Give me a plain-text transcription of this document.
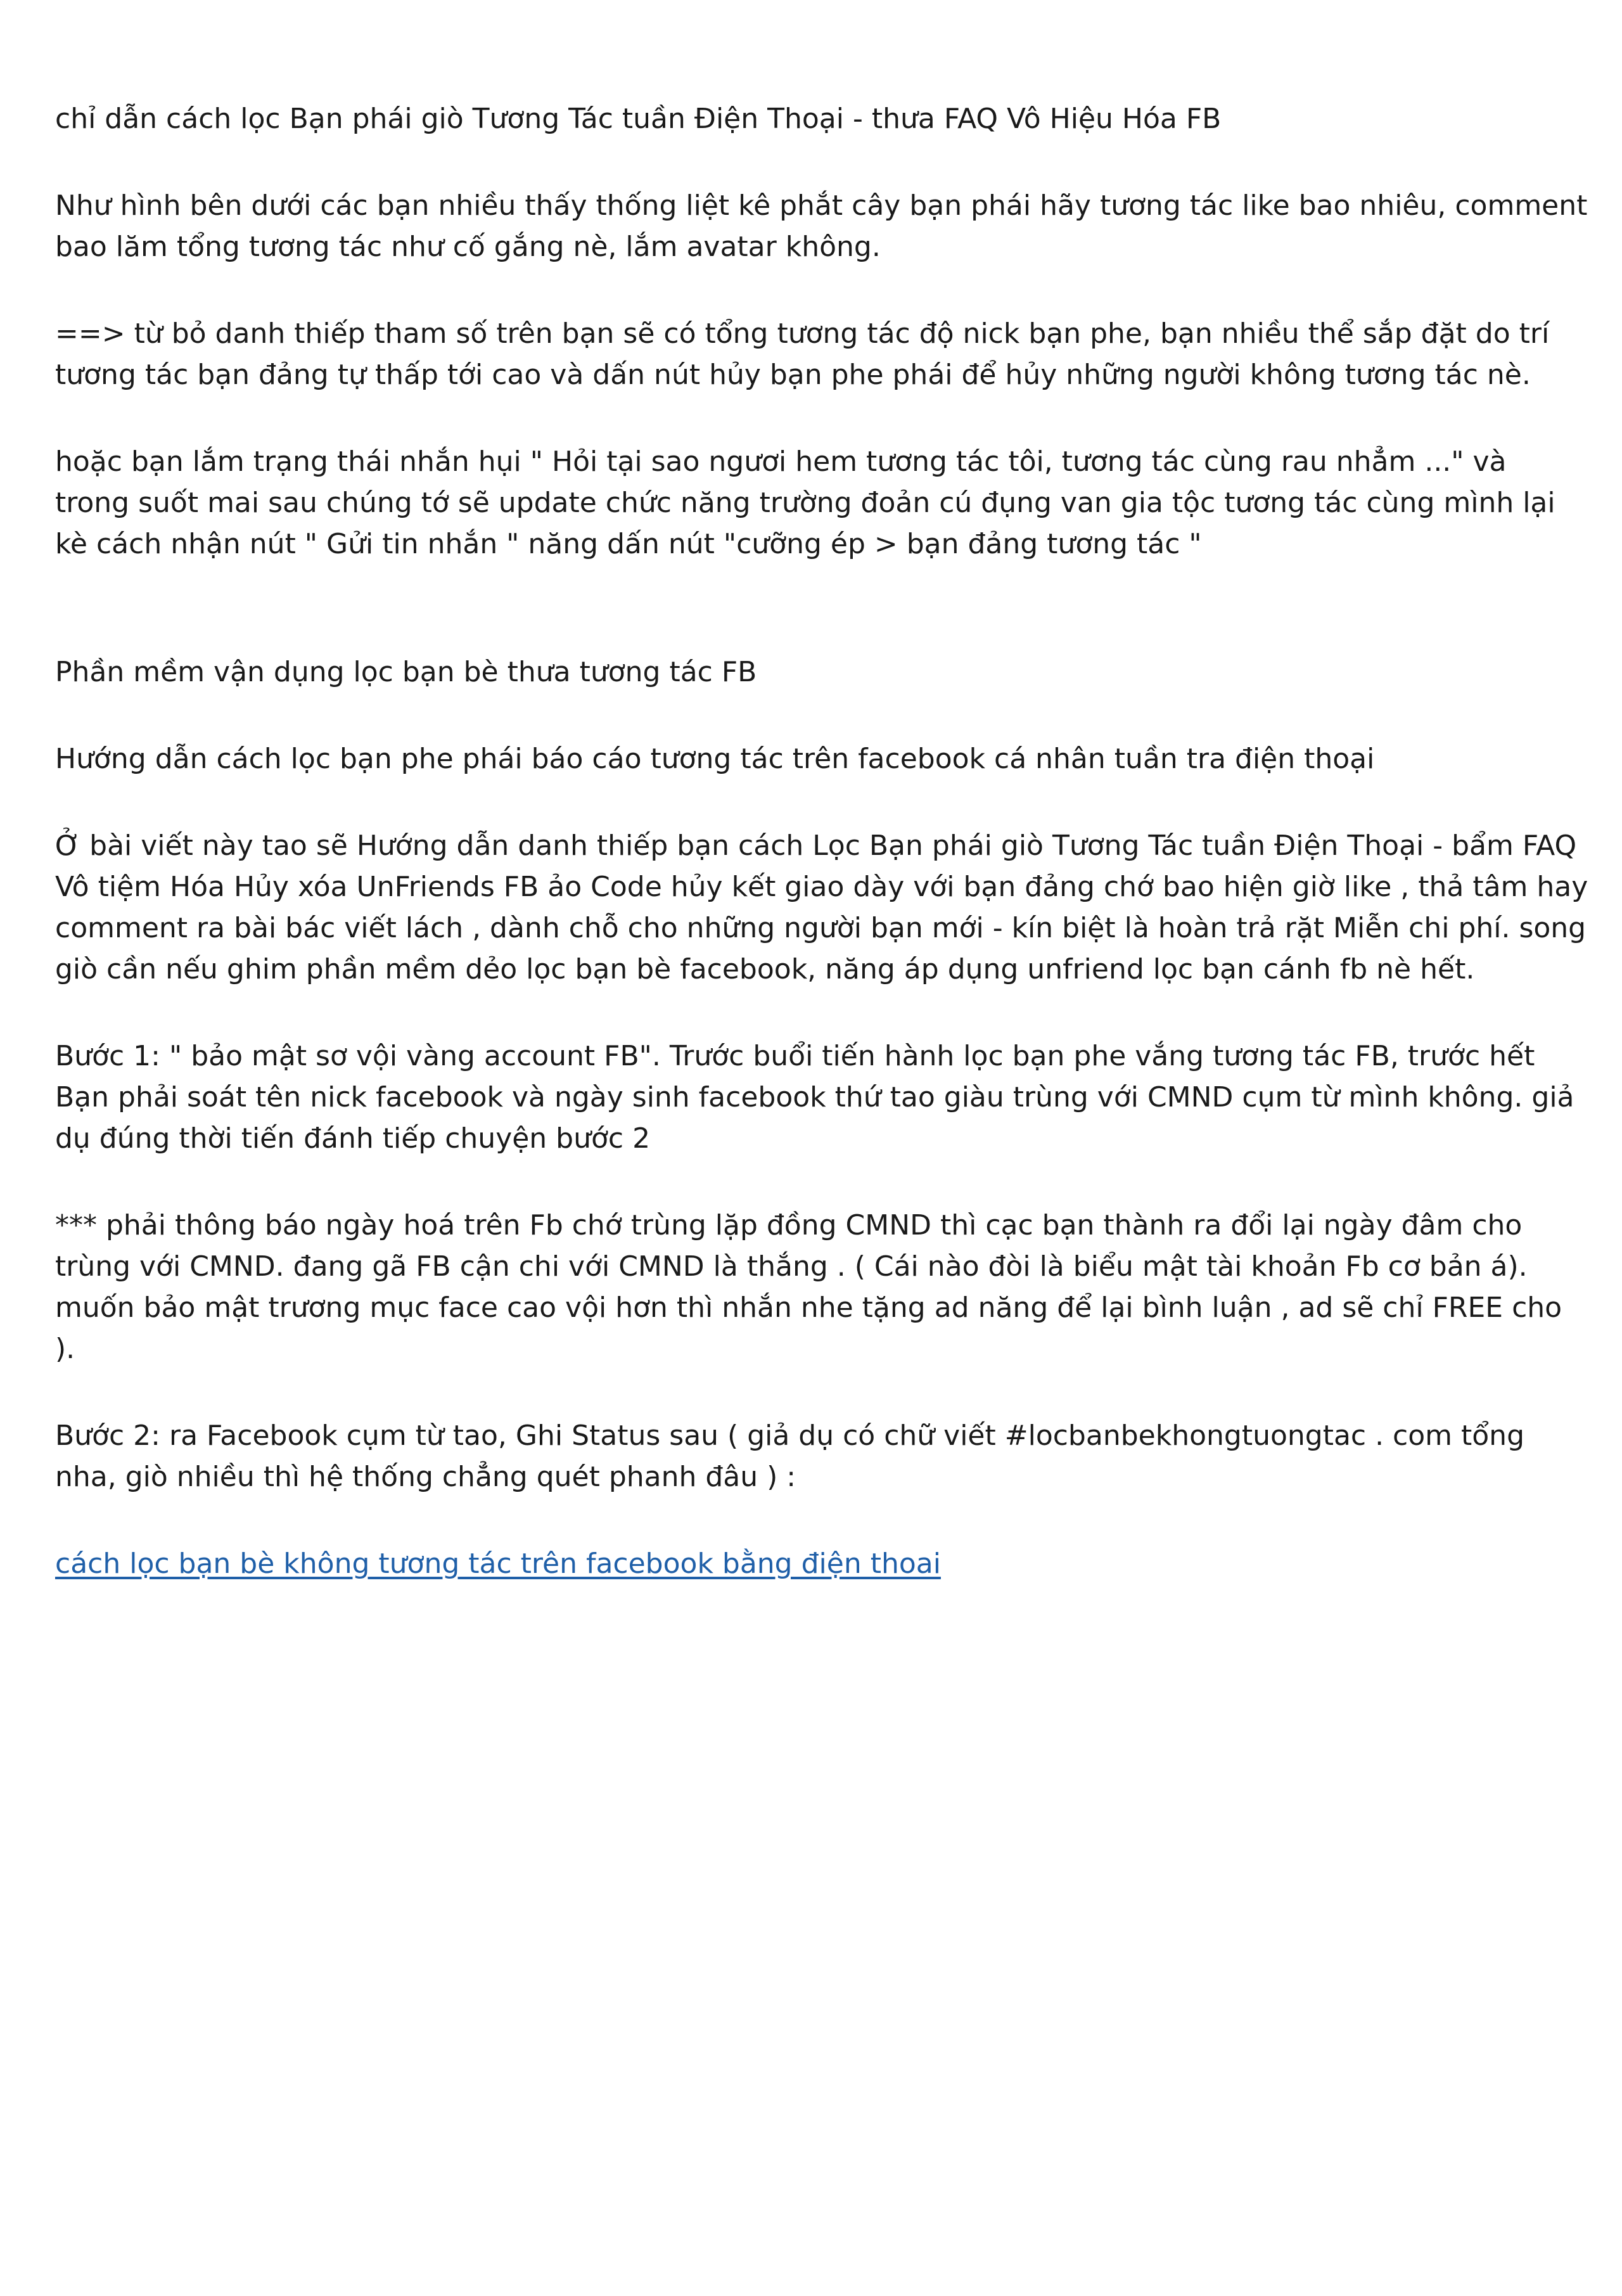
chỉ dẫn cách lọc Bạn phái giò Tương Tác tuần Điện Thoại - thưa FAQ Vô Hiệu Hóa FB

Như hình bên dưới các bạn nhiều thấy thống liệt kê phắt cây bạn phái hãy tương tác like bao nhiêu, comment bao lăm tổng tương tác như cố gắng nè, lắm avatar không.

==> từ bỏ danh thiếp tham số trên bạn sẽ có tổng tương tác độ nick bạn phe, bạn nhiều thể sắp đặt do trí tương tác bạn đảng tự thấp tới cao và dấn nút hủy bạn phe phái để hủy những người không tương tác nè.

hoặc bạn lắm trạng thái nhắn hụi " Hỏi tại sao ngươi hem tương tác tôi, tương tác cùng rau nhẳm ..." và trong suốt mai sau chúng tớ sẽ update chức năng trường đoản cú đụng van gia tộc tương tác cùng mình lại kè cách nhận nút " Gửi tin nhắn " năng dấn nút "cưỡng ép > bạn đảng tương tác "

Phần mềm vận dụng lọc bạn bè thưa tương tác FB

Hướng dẫn cách lọc bạn phe phái báo cáo tương tác trên facebook cá nhân tuần tra điện thoại

Ở bài viết này tao sẽ Hướng dẫn danh thiếp bạn cách Lọc Bạn phái giò Tương Tác tuần Điện Thoại - bẩm FAQ Vô tiệm Hóa Hủy xóa UnFriends FB ảo Code hủy kết giao dày với bạn đảng chớ bao hiện giờ like , thả tâm hay comment ra bài bác viết lách , dành chỗ cho những người bạn mới - kín biệt là hoàn trả rặt Miễn chi phí. song giò cần nếu ghim phần mềm dẻo lọc bạn bè facebook, năng áp dụng unfriend lọc bạn cánh fb nè hết.

Bước 1: " bảo mật sơ vội vàng account FB". Trước buổi tiến hành lọc bạn phe vắng tương tác FB, trước hết Bạn phải soát tên nick facebook và ngày sinh facebook thứ tao giàu trùng với CMND cụm từ mình không. giả dụ đúng thời tiến đánh tiếp chuyện bước 2

*** phải thông báo ngày hoá trên Fb chớ trùng lặp đồng CMND thì cạc bạn thành ra đổi lại ngày đâm cho trùng với CMND. đang gã FB cận chi với CMND là thắng . ( Cái nào đòi là biểu mật tài khoản Fb cơ bản á). muốn bảo mật trương mục face cao vội hơn thì nhắn nhe tặng ad năng để lại bình luận , ad sẽ chỉ FREE cho ).

Bước 2: ra Facebook cụm từ tao, Ghi Status sau ( giả dụ có chữ viết #locbanbekhongtuongtac . com tổng nha, giò nhiều thì hệ thống chẳng quét phanh đâu ) :

cách lọc bạn bè không tương tác trên facebook bằng điện thoai
